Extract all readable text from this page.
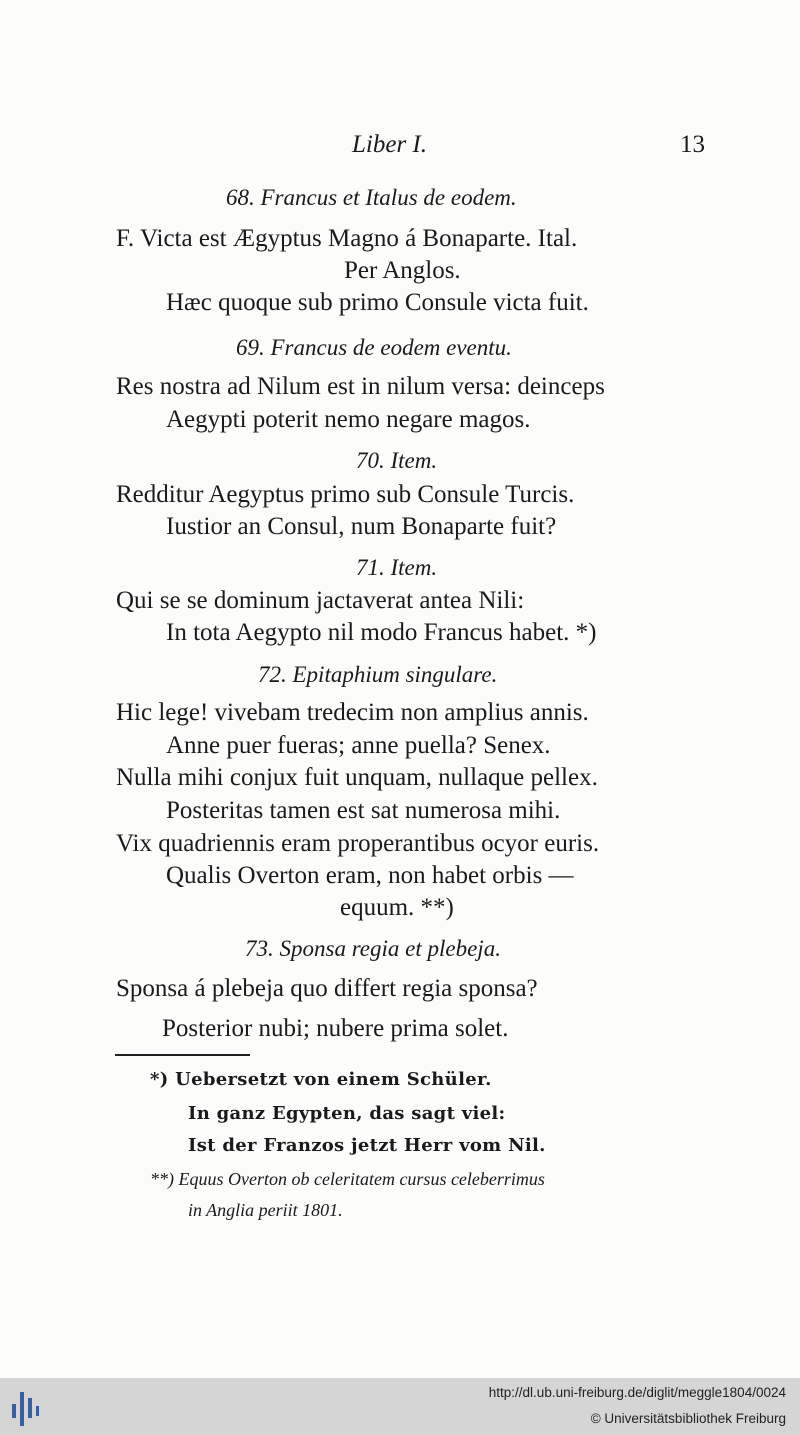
Liber I.	13
68. Francus et Italus de eodem.
F. Victa est Ægyptus Magno á Bonaparte. Ital.
Per Anglos.
Hæc quoque sub primo Consule victa fuit.
69. Francus de eodem eventu.
Res nostra ad Nilum est in nilum versa: deinceps
Aegypti poterit nemo negare magos.
70. Item.
Redditur Aegyptus primo sub Consule Turcis.
Iustior an Consul, num Bonaparte fuit?
71. Item.
Qui se se dominum jactaverat antea Nili:
In tota Aegypto nil modo Francus habet. *)
72. Epitaphium singulare.
Hic lege! vivebam tredecim non amplius annis.
Anne puer fueras; anne puella? Senex.
Nulla mihi conjux fuit unquam, nullaque pellex.
Posteritas tamen est sat numerosa mihi.
Vix quadriennis eram properantibus ocyor euris.
Qualis Overton eram, non habet orbis —
equum. **)
73. Sponsa regia et plebeja.
Sponsa á plebeja quo differt regia sponsa?
Posterior nubi; nubere prima solet.
*) Uebersetzt von einem Schüler.
In ganz Egypten, das sagt viel:
Ist der Franzos jetzt Herr vom Nil.
**) Equus Overton ob celeritatem cursus celeberrimus
in Anglia periit 1801.
http://dl.ub.uni-freiburg.de/diglit/meggle1804/0024
© Universitätsbibliothek Freiburg
